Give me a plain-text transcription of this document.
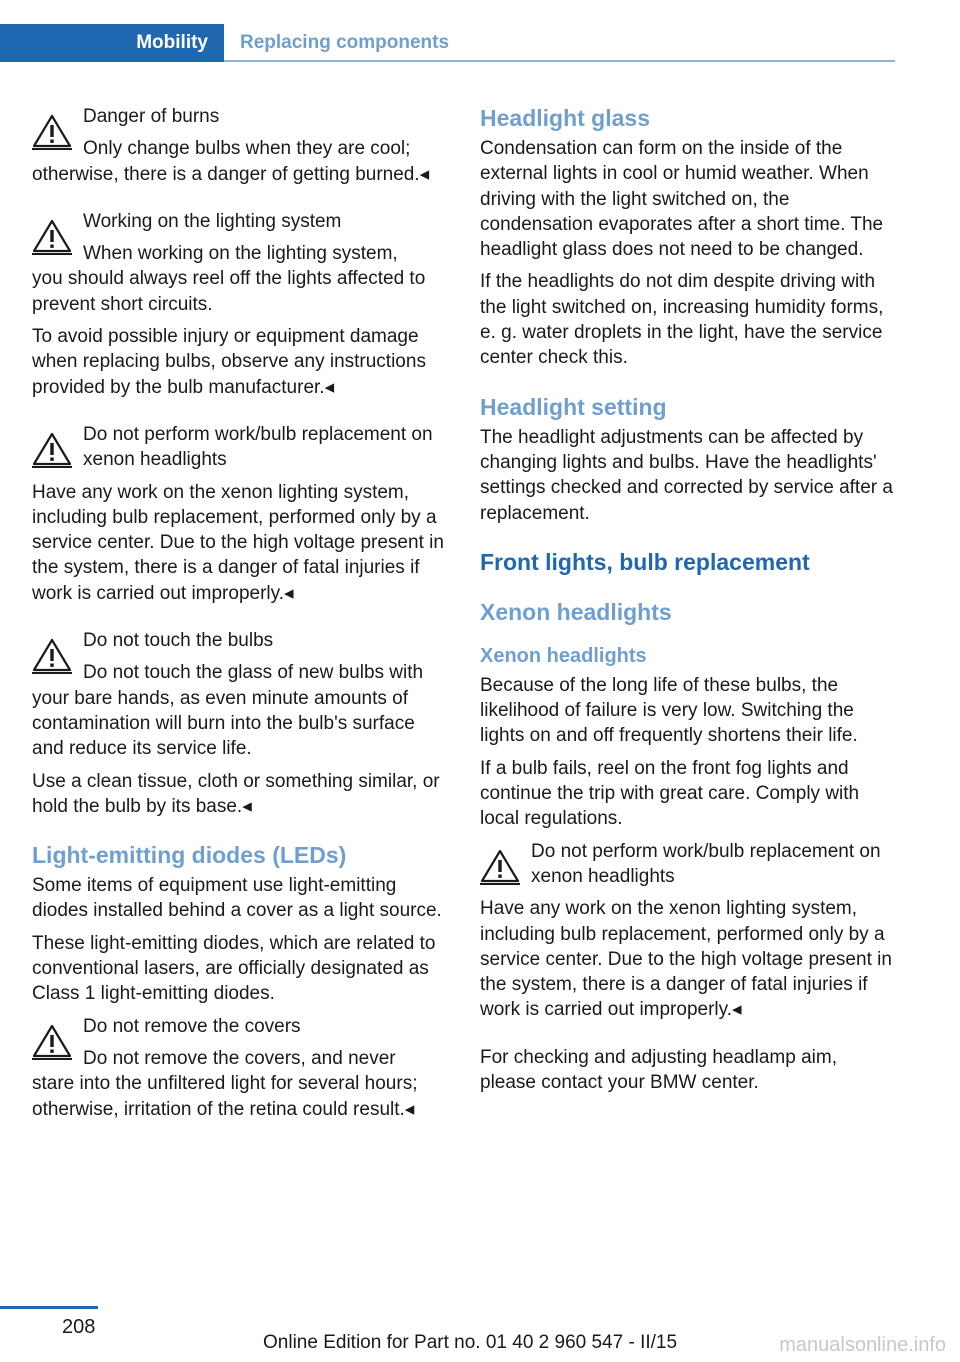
Mobility	Replacing components

Danger of burns

Only change bulbs when they are cool;

otherwise, there is a danger of getting burned.◂

Working on the lighting system

When working on the lighting system,

you should always reel off the lights affected to prevent short circuits.

To avoid possible injury or equipment damage when replacing bulbs, observe any instructions provided by the bulb manufacturer.◂

Do not perform work/bulb replacement on xenon headlights

Have any work on the xenon lighting system, including bulb replacement, performed only by a service center. Due to the high voltage present in the system, there is a danger of fatal injuries if work is carried out improperly.◂

Do not touch the bulbs

Do not touch the glass of new bulbs with

your bare hands, as even minute amounts of contamination will burn into the bulb's surface and reduce its service life.

Use a clean tissue, cloth or something similar, or hold the bulb by its base.◂

Light-emitting diodes (LEDs)

Some items of equipment use light-emitting diodes installed behind a cover as a light source.

These light-emitting diodes, which are related to conventional lasers, are officially designated as Class 1 light-emitting diodes.

Do not remove the covers

Do not remove the covers, and never

stare into the unfiltered light for several hours; otherwise, irritation of the retina could result.◂

Headlight glass

Condensation can form on the inside of the external lights in cool or humid weather. When driving with the light switched on, the condensation evaporates after a short time. The headlight glass does not need to be changed.

If the headlights do not dim despite driving with the light switched on, increasing humidity forms, e. g. water droplets in the light, have the service center check this.

Headlight setting

The headlight adjustments can be affected by changing lights and bulbs. Have the headlights' settings checked and corrected by service after a replacement.

Front lights, bulb replacement
Xenon headlights
Xenon headlights

Because of the long life of these bulbs, the likelihood of failure is very low. Switching the lights on and off frequently shortens their life.

If a bulb fails, reel on the front fog lights and continue the trip with great care. Comply with local regulations.

Do not perform work/bulb replacement on xenon headlights

Have any work on the xenon lighting system, including bulb replacement, performed only by a service center. Due to the high voltage present in the system, there is a danger of fatal injuries if work is carried out improperly.◂

For checking and adjusting headlamp aim, please contact your BMW center.

208
Online Edition for Part no. 01 40 2 960 547 - II/15	manualsonline.info
